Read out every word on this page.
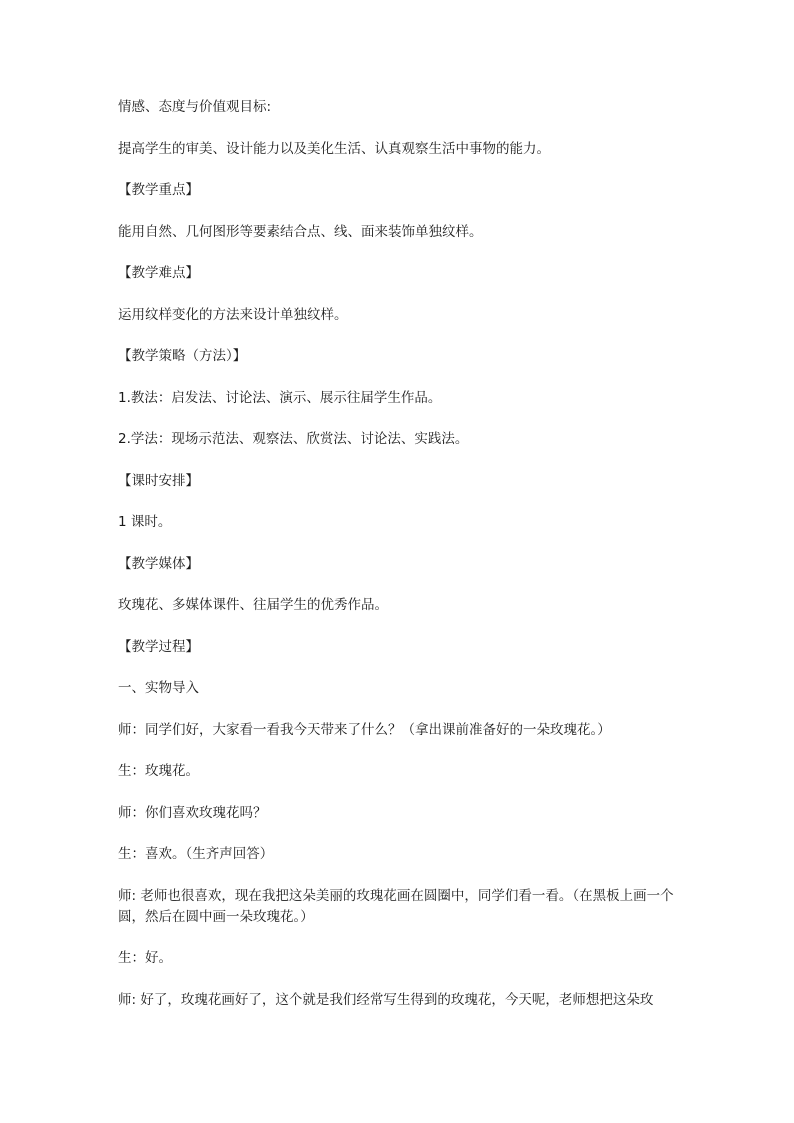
情感、态度与价值观目标:

提高学生的审美、设计能力以及美化生活、认真观察生活中事物的能力。

【教学重点】

能用自然、几何图形等要素结合点、线、面来装饰单独纹样。

【教学难点】

运用纹样变化的方法来设计单独纹样。

【教学策略（方法）】

1.教法：启发法、讨论法、演示、展示往届学生作品。

2.学法：现场示范法、观察法、欣赏法、讨论法、实践法。

【课时安排】

1 课时。

【教学媒体】

玫瑰花、多媒体课件、往届学生的优秀作品。

【教学过程】

一、实物导入

师：同学们好，大家看一看我今天带来了什么？（拿出课前准备好的一朵玫瑰花。）

生：玫瑰花。

师：你们喜欢玫瑰花吗？

生：喜欢。（生齐声回答）

师: 老师也很喜欢，现在我把这朵美丽的玫瑰花画在圆圈中，同学们看一看。（在黑板上画一个圆，然后在圆中画一朵玫瑰花。）

生：好。

师: 好了，玫瑰花画好了，这个就是我们经常写生得到的玫瑰花，今天呢，老师想把这朵玫
